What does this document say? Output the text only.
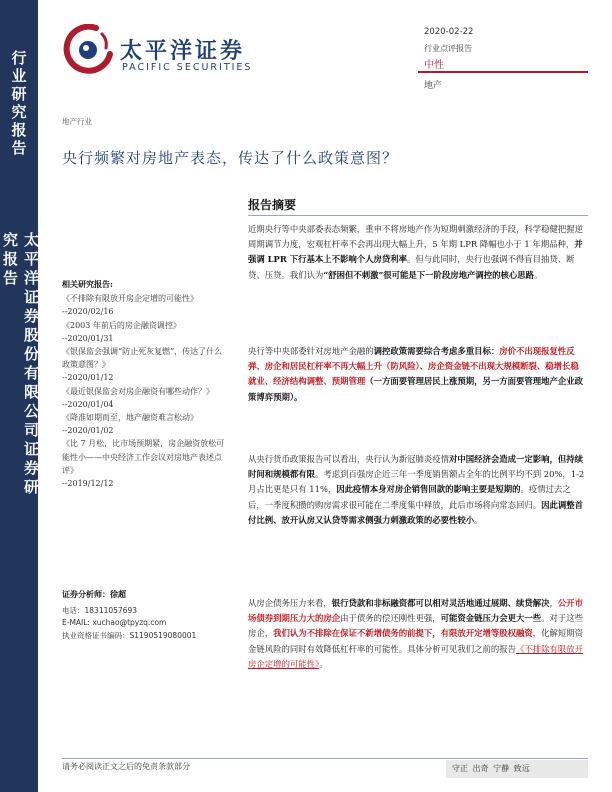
行业研究报告
太平洋证券股份有限公司证券研究报告
太平洋证券
PACIFIC SECURITIES
2020-02-22
行业点评报告
中性
地产
地产行业
央行频繁对房地产表态，传达了什么政策意图？
报告摘要
近期央行等中央部委表态频繁，重申不将房地产作为短期刺激经济的手段，科学稳健把握逆周期调节力度，宏观杠杆率不会再出现大幅上升，5 年期 LPR 降幅也小于 1 年期品种，并强调 LPR 下行基本上不影响个人房贷利率。但与此同时，央行也强调不得盲目抽贷、断贷、压贷。我们认为“舒困但不刺激”很可能是下一阶段房地产调控的核心思路。
央行等中央部委针对房地产金融的调控政策需要综合考虑多重目标：房价不出现报复性反弹、房企和居民杠杆率不再大幅上升（防风险）、房企资金链不出现大规模断裂、稳增长稳就业、经济结构调整、预期管理（一方面要管理居民上涨预期，另一方面要管理地产企业政策博弈预期）。
从央行货币政策报告可以看出，央行认为新冠肺炎疫情对中国经济会造成一定影响，但持续时间和规模都有限。考虑到百强房企近三年一季度销售额占全年的比例平均不到 20%，1-2 月占比更是只有 11%，因此疫情本身对房企销售回款的影响主要是短期的。疫情过去之后，一季度积攒的购房需求很可能在二季度集中释放，此后市场将向常态回归。因此调整首付比例、放开认房又认贷等需求侧强力刺激政策的必要性较小。
从房企债务压力来看，银行贷款和非标融资都可以相对灵活地通过展期、续贷解决，公开市场债券到期压力大的房企由于债务的偿还刚性更强，可能资金链压力会更大一些。对于这些房企，我们认为不排除在保证不新增债务的前提下，有限放开定增等股权融资，化解短期资金链风险的同时有效降低杠杆率的可能性。具体分析可见我们之前的报告《不排除有限放开房企定增的可能性》。
相关研究报告:
《不排除有限放开房企定增的可能性》
--2020/02/16
《2003 年前后的房企融资调控》
--2020/01/31
《银保监会强调“防止死灰复燃”，传达了什么政策意图？》
--2020/01/12
《最近银保监会对房企融资有哪些动作？》
--2020/01/04
《降准如期而至，地产融资难言松动》
--2020/01/02
《比 7 月松，比市场预期紧，房企融资放松可能性小——中央经济工作会议对房地产表述点评》
--2019/12/12
证券分析师：徐超
电话：18311057693
E-MAIL: xuchao@tpyzq.com
执业资格证书编码：S1190519080001
请务必阅读正文之后的免责条款部分	守正 出奇 宁静 致远
